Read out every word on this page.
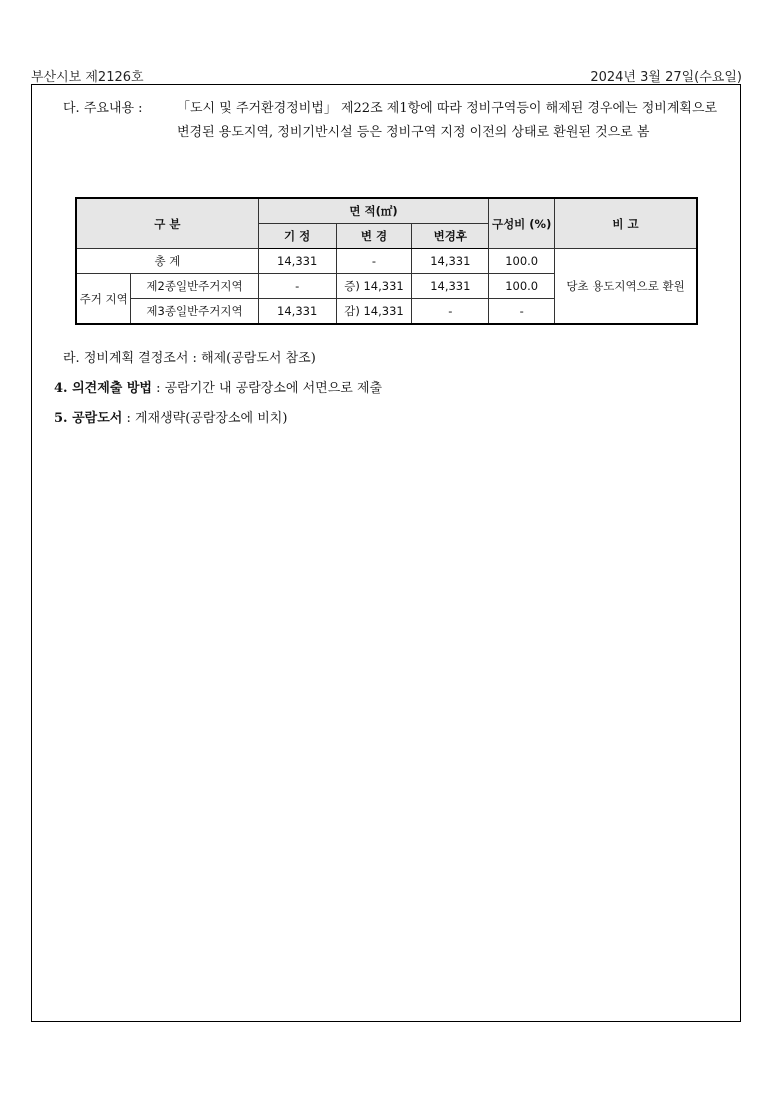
부산시보 제2126호	2024년 3월 27일(수요일)
다. 주요내용 :	「도시 및 주거환경정비법」 제22조 제1항에 따라 정비구역등이 해제된 경우에는 정비계획으로 변경된 용도지역, 정비기반시설 등은 정비구역 지정 이전의 상태로 환원된 것으로 봄
구 분		면 적(㎡)			구성비 (%)	비 고
		기 정	변 경	변경후		
총 계		14,331	-	14,331	100.0	당초 용도지역으로 환원
주거 지역	제2종일반주거지역	-	증) 14,331	14,331	100.0	
	제3종일반주거지역	14,331	감) 14,331	-	-	
라. 정비계획 결정조서 : 해제(공람도서 참조)
4. 의견제출 방법 : 공람기간 내 공람장소에 서면으로 제출
5. 공람도서 : 게재생략(공람장소에 비치)
